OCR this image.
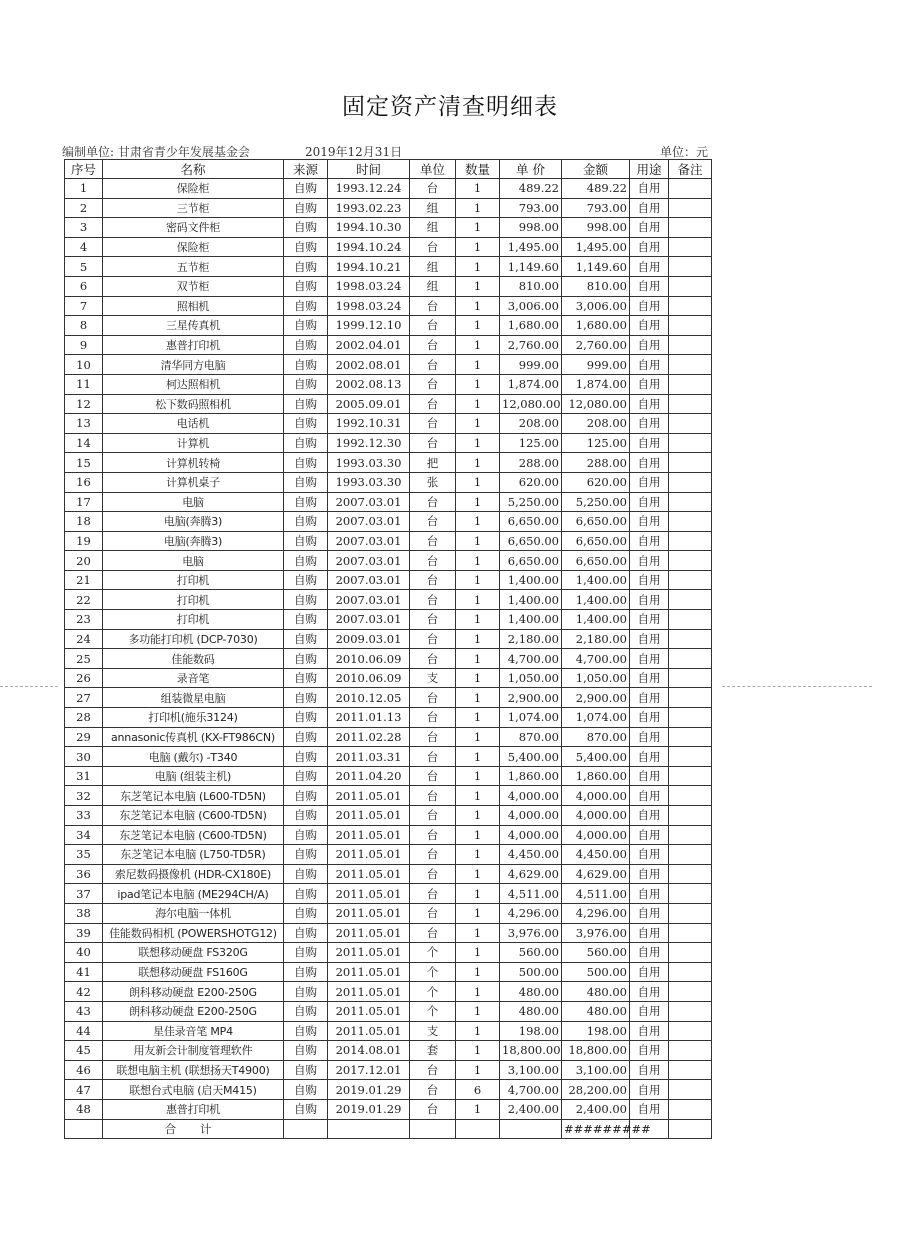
固定资产清查明细表
编制单位: 甘肃省青少年发展基金会	2019年12月31日	单位：元
序号	名称	来源	时间	单位	数量	单 价	金额	用途	备注
1	保险柜	自购	1993.12.24	台	1	489.22	489.22	自用	
2	三节柜	自购	1993.02.23	组	1	793.00	793.00	自用	
3	密码文件柜	自购	1994.10.30	组	1	998.00	998.00	自用	
4	保险柜	自购	1994.10.24	台	1	1,495.00	1,495.00	自用	
5	五节柜	自购	1994.10.21	组	1	1,149.60	1,149.60	自用	
6	双节柜	自购	1998.03.24	组	1	810.00	810.00	自用	
7	照相机	自购	1998.03.24	台	1	3,006.00	3,006.00	自用	
8	三星传真机	自购	1999.12.10	台	1	1,680.00	1,680.00	自用	
9	惠普打印机	自购	2002.04.01	台	1	2,760.00	2,760.00	自用	
10	清华同方电脑	自购	2002.08.01	台	1	999.00	999.00	自用	
11	柯达照相机	自购	2002.08.13	台	1	1,874.00	1,874.00	自用	
12	松下数码照相机	自购	2005.09.01	台	1	12,080.00	12,080.00	自用	
13	电话机	自购	1992.10.31	台	1	208.00	208.00	自用	
14	计算机	自购	1992.12.30	台	1	125.00	125.00	自用	
15	计算机转椅	自购	1993.03.30	把	1	288.00	288.00	自用	
16	计算机桌子	自购	1993.03.30	张	1	620.00	620.00	自用	
17	电脑	自购	2007.03.01	台	1	5,250.00	5,250.00	自用	
18	电脑(奔腾3)	自购	2007.03.01	台	1	6,650.00	6,650.00	自用	
19	电脑(奔腾3)	自购	2007.03.01	台	1	6,650.00	6,650.00	自用	
20	电脑	自购	2007.03.01	台	1	6,650.00	6,650.00	自用	
21	打印机	自购	2007.03.01	台	1	1,400.00	1,400.00	自用	
22	打印机	自购	2007.03.01	台	1	1,400.00	1,400.00	自用	
23	打印机	自购	2007.03.01	台	1	1,400.00	1,400.00	自用	
24	多功能打印机 (DCP-7030)	自购	2009.03.01	台	1	2,180.00	2,180.00	自用	
25	佳能数码	自购	2010.06.09	台	1	4,700.00	4,700.00	自用	
26	录音笔	自购	2010.06.09	支	1	1,050.00	1,050.00	自用	
27	组装微星电脑	自购	2010.12.05	台	1	2,900.00	2,900.00	自用	
28	打印机(施乐3124)	自购	2011.01.13	台	1	1,074.00	1,074.00	自用	
29	annasonic传真机 (KX-FT986CN)	自购	2011.02.28	台	1	870.00	870.00	自用	
30	电脑 (戴尔) -T340	自购	2011.03.31	台	1	5,400.00	5,400.00	自用	
31	电脑 (组装主机)	自购	2011.04.20	台	1	1,860.00	1,860.00	自用	
32	东芝笔记本电脑 (L600-TD5N)	自购	2011.05.01	台	1	4,000.00	4,000.00	自用	
33	东芝笔记本电脑 (C600-TD5N)	自购	2011.05.01	台	1	4,000.00	4,000.00	自用	
34	东芝笔记本电脑 (C600-TD5N)	自购	2011.05.01	台	1	4,000.00	4,000.00	自用	
35	东芝笔记本电脑 (L750-TD5R)	自购	2011.05.01	台	1	4,450.00	4,450.00	自用	
36	索尼数码摄像机 (HDR-CX180E)	自购	2011.05.01	台	1	4,629.00	4,629.00	自用	
37	ipad笔记本电脑 (ME294CH/A)	自购	2011.05.01	台	1	4,511.00	4,511.00	自用	
38	海尔电脑一体机	自购	2011.05.01	台	1	4,296.00	4,296.00	自用	
39	佳能数码相机 (POWERSHOTG12)	自购	2011.05.01	台	1	3,976.00	3,976.00	自用	
40	联想移动硬盘 FS320G	自购	2011.05.01	个	1	560.00	560.00	自用	
41	联想移动硬盘 FS160G	自购	2011.05.01	个	1	500.00	500.00	自用	
42	朗科移动硬盘 E200-250G	自购	2011.05.01	个	1	480.00	480.00	自用	
43	朗科移动硬盘 E200-250G	自购	2011.05.01	个	1	480.00	480.00	自用	
44	星佳录音笔 MP4	自购	2011.05.01	支	1	198.00	198.00	自用	
45	用友新会计制度管理软件	自购	2014.08.01	套	1	18,800.00	18,800.00	自用	
46	联想电脑主机 (联想扬天T4900)	自购	2017.12.01	台	1	3,100.00	3,100.00	自用	
47	联想台式电脑 (启天M415)	自购	2019.01.29	台	6	4,700.00	28,200.00	自用	
48	惠普打印机	自购	2019.01.29	台	1	2,400.00	2,400.00	自用	
	合 计						#########		
